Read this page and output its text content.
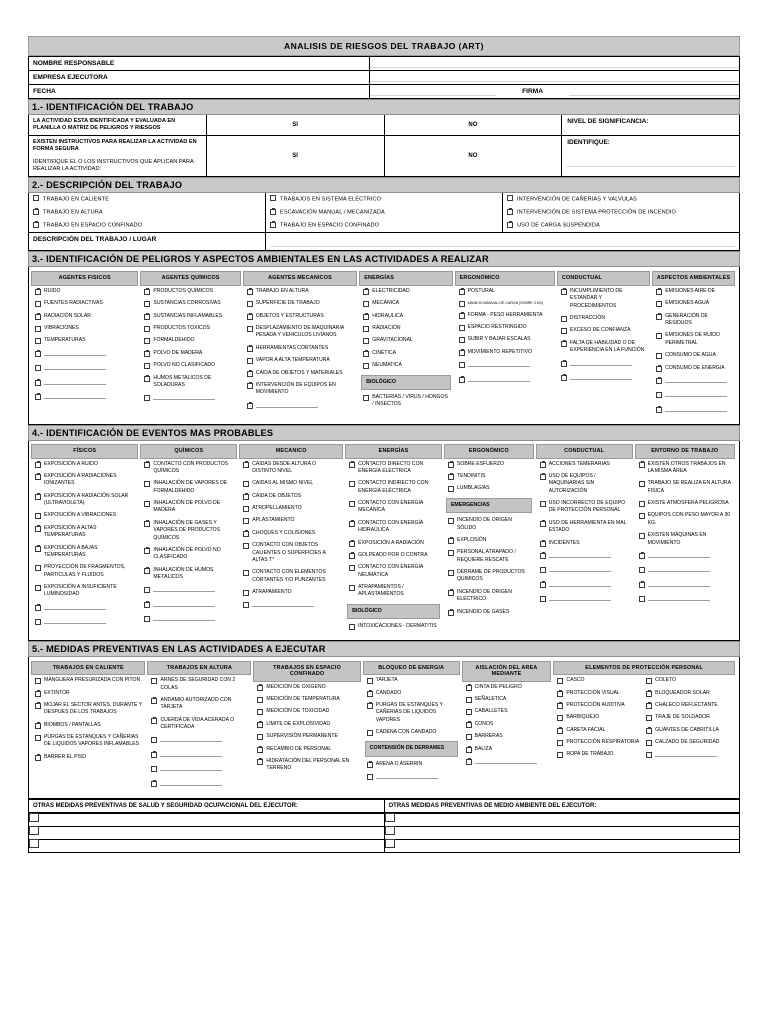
ANALISIS DE RIESGOS DEL TRABAJO (ART)
NOMBRE RESPONSABLE

EMPRESA EJECUTORA

FECHA

		FIRMA

1.- IDENTIFICACIÓN DEL TRABAJO			

LA ACTIVIDAD ESTA IDENTIFICADA Y EVALUADA EN PLANILLA O MATRIZ DE PELIGROS Y RIESGOS	SI	NO	NIVEL DE SIGNIFICANCIA:

EXISTEN INSTRUCTIVOS PARA REALIZAR LA ACTIVIDAD EN FORMA SEGURA	SI	NO	IDENTIFIQUE:

IDENTIFIQUE EL O LOS INSTRUCTIVOS QUE APLICAN PARA REALIZAR LA ACTIVIDAD:			
2.- DESCRIPCIÓN DEL TRABAJO		

TRABAJO EN CALIENTE	TRABAJOS EN SISTEMA ELÉCTRICO	INTERVENCIÓN DE CAÑERIAS Y VALVULAS

TRABAJO EN ALTURA	ESCAVACIÓN MANUAL / MECANIZADA	INTERVENCIÓN DE SISTEMA PROTECCIÓN DE INCENDIO

TRABAJO EN ESPACIO CONFINADO	TRABAJO EN ESPACIO CONFINADO	USO DE CARGA SUSPENDIDA

DESCRIPCIÓN DEL TRABAJO / LUGAR		

3.- IDENTIFICACIÓN DE PELIGROS Y ASPECTOS AMBIENTALES EN LAS ACTIVIDADES A REALIZAR

AGENTES FISICOS
RUIDO
FUENTES RADIACTIVAS
RADIACIÓN SOLAR
VIBRACIONES
TEMPERATURAS
AGENTES QUÍMICOS
PRODUCTOS QUÍMICOS
SUSTANCIAS CORROSIVAS
SUSTANCIAS INFLAMABLES
PRODUCTOS TOXICOS
FORMALDEHIDO
POLVO DE MADERA
POLVO NO CLASIFICADO
HUMOS METALICOS DE SOLADURAS
AGENTES MECANICOS
TRABAJO EN ALTURA
SUPERFICIE DE TRABAJO
OBJETOS Y ESTRUCTURAS
DESPLAZAMIENTO DE MAQUINARIA PESADA Y VEHICULOS LIVIANOS
HERRAMIENTAS CORTANTES
VAPOR A ALTA TEMPERATURA
CAIDA DE OBJETOS Y MATERIALES
INTERVENCIÓN DE EQUIPOS EN MOVIMIENTO
ENERGÍAS
ELECTRICIDAD
MECÁNICA
HIDRAULICA
RADIACIÓN
GRAVITACIONAL
CINÉTICA
NEUMATICA
BIOLÓGICO
BACTERIAS / VIRUS / HONGOS / INSECTOS
ERGONÓMICO
POSTURAL
MANEJO MANUAL DE CARGA (SOBRE 3 KG)
FORMA - PESO HERRAMIENTA
ESPACIO RESTRINGIDO
SUBIR Y BAJAR ESCALAS
MOVIMIENTO REPETITIVO
CONDUCTUAL
INCUMPLIMIENTO DE ESTANDAR Y PROCEDIMIENTOS
DISTRACCIÓN
EXCESO DE CONFIANZA
FALTA DE HABILIDAD O DE EXPERIENCIA EN LA FUNCIÓN
ASPECTOS AMBIENTALES
EMISIONES AIRE DE
EMISIONES AGUA
GENERACIÓN DE RESIDUOS
EMISIONES DE RUIDO PERIMETRAL
CONSUMO DE AGUA
CONSUMO DE ENERGIA
4.- IDENTIFICACIÓN DE EVENTOS MAS PROBABLES

FÍSICOS
EXPOSICIÓN A RUIDO
EXPOSICIÓN A RADIACIONES IONIZANTES
EXPOSICIÓN A RADIACIÓN SOLAR (ULTRAVIOLETA)
EXPOSICIÓN A VIBRACIONES
EXPOSICIÓN A ALTAS TEMPERATURAS
EXPOSICIÓN A BAJAS TEMPERATURAS
PROYECCIÓN DE FRAGMENTOS, PARTICULAS Y FLUIDOS
EXPOSICIÓN A INSUFICIENTE LUMINOSIDAD
QUÍMICOS
CONTACTO CON PRODUCTOS QUÍMICOS
INHALACIÓN DE VAPORES DE FORMALDEHIDO
INHALACIÓN DE POLVO DE MADERA
INHALACIÓN DE GASES Y VAPORES DE PRODUCTOS QUÍMICOS
INHALACIÓN DE POLVO NO CLASIFICADO
INHALACIÓN DE HUMOS METÁLICOS
MECANICO
CAIDAS DESDE ALTURA O DISTINTO NIVEL
CAIDAS AL MISMO NIVEL
CAIDA DE OBJETOS
ATROPELLAMIENTO
APLASTAMIENTO
CHOQUES Y COLISIONES
CONTACTO CON OBJETOS CALIENTES O SUPERFICIES A ALTAS T°
CONTACTO CON ELEMENTOS CORTANTES Y/O PUNZANTES
ATRAPAMIENTO
ENERGÍAS
CONTACTO DIRECTO CON ENERGÍA ELÉCTRICA
CONTACTO INDIRECTO CON ENERGÍA ELÉCTRICA
CONTACTO CON ENERGÍA MECÁNICA
CONTACTO CON ENERGÍA HIDRAÚLICA
EXPOSICIÓN A RADIACIÓN
GOLPEADO POR O CONTRA
CONTACTO CON ENERGÍA NEUMÁTICA
ATRAPAMIENTOS / APLASTAMIENTOS
BIOLÓGICO
INTOXICACIONES - DERMATITIS
ERGONÓMICO
SOBRE ESFUERZO
TENDINITIS
LUMBLAGIAS
EMERGENCIAS
INCENDIO DE ORIGEN SÓLIDO
EXPLOSIÓN
PERSONAL ATRAPADO / REQUIERE RESCATE
DERRAME DE PRODUCTOS QUIMICOS
INCENDIO DE ORIGEN ELÉCTRICO
INCENDIO DE GASES
CONDUCTUAL
ACCIONES TEMERARIAS
USO DE EQUIPOS / MAQUINARIAS SIN AUTORIZACIÓN
USO INCORRECTO DE EQUIPO DE PROTECCIÓN PERSONAL
USO DE HERRAMIENTA EN MAL ESTADO
INCIDENTES
ENTORNO DE TRABAJO
EXISTEN OTROS TRABAJOS EN LA MISMA ÁREA
TRABAJO SE REALIZA EN ALTURA FISICA
EXISTE ATMOSFERA PELIGROSA
EQUIPOS CON PESO MAYOR A 30 KG.
EXISTEN MÁQUINAS EN MOVIMIENTO
5.- MEDIDAS PREVENTIVAS EN LAS ACTIVIDADES A EJECUTAR

TRABAJOS EN CALIENTE
MANGUERA PRESURIZADA CON PITON
EXTINTOR
MOJAR EL SECTOR ANTES, DURANTE Y DESPUES DE LOS TRABAJOS
BIOMBOS / PANTALLAS
PURGAS DE ESTANQUES Y CAÑERIAS DE LIQUIDOS VAPORES INFLAMABLES
BARRER EL PISO
TRABAJOS EN ALTURA
ARNÉS DE SEGURIDAD CON 2 COLAS
ANDAMIO AUTORIZADO CON TARJETA
CUERDA DE VIDA ACERADA O CERTIFICADA
TRABAJOS EN ESPACIO CONFINADO
MEDICIÓN DE OXIGENO
MEDICIÓN DE TEMPERATURA
MEDICIÓN DE TOXICIDAD
LIMITE DE EXPLOSIVIDAD
SUPERVISIÓN PERMANENTE
RECAMBIO DE PERSONAL
HIDRATACIÓN DEL PERSONAL EN TERRENO
BLOQUEO DE ENERGIA
TARJETA
CANDADO
PURGAS DE ESTANQUES Y CAÑERIAS DE LIQUIDOS VAPORES
CADENA CON CANDADO
CONTENSIÓN DE DERRAMES
ARENA O ASERRIN
AISLACIÓN DEL AREA MEDIANTE
CINTA DE PELIGRO
SEÑALETICA
CABALLETES
CONOS
BARRERAS
BALIZA
ELEMENTOS DE PROTECCIÓN PERSONAL
CASCO
PROTECCIÓN VISUAL
PROTECCIÓN AUDITIVA
BARBIQUEJO
CARETA FACIAL
PROTECCIÓN RESPIRATORIA
ROPA DE TRABAJO
COLETO
BLOQUEADOR SOLAR
CHALECO REFLECTANTE
TRAJE DE SOLDADOR
GUANTES DE CABRITILLA
CALZADO DE SEGURIDAD
OTRAS MEDIDAS PREVENTIVAS DE SALUD Y SEGURIDAD OCUPACIONAL DEL EJECUTOR:	OTRAS MEDIDAS PREVENTIVAS DE MEDIO AMBIENTE DEL EJECUTOR:
